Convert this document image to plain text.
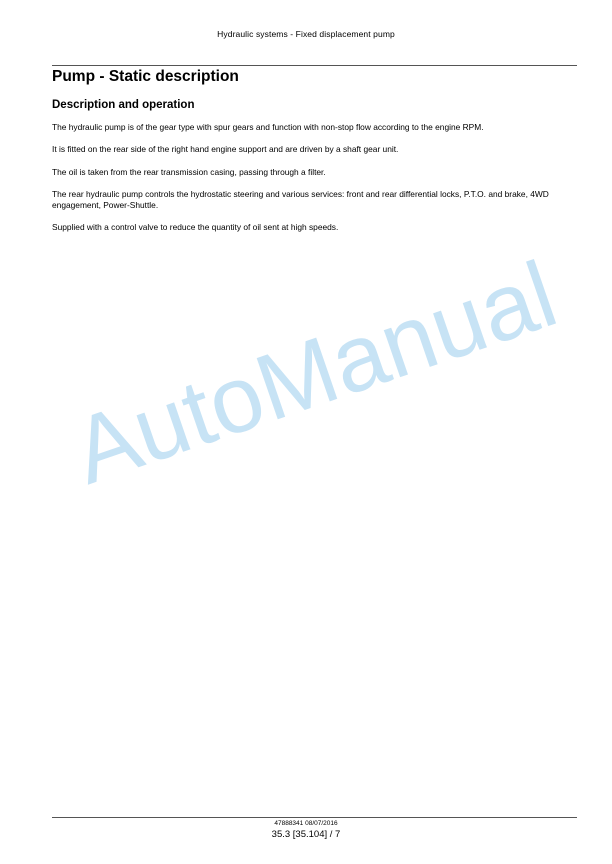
Hydraulic systems - Fixed displacement pump
Pump - Static description
Description and operation

The hydraulic pump is of the gear type with spur gears and function with non-stop flow according to the engine RPM.

It is fitted on the rear side of the right hand engine support and are driven by a shaft gear unit.

The oil is taken from the rear transmission casing, passing through a filter.

The rear hydraulic pump controls the hydrostatic steering and various services: front and rear differential locks, P.T.O. and brake, 4WD engagement, Power-Shuttle.

Supplied with a control valve to reduce the quantity of oil sent at high speeds.

AutoManual
47888341 08/07/2016
35.3 [35.104] / 7
